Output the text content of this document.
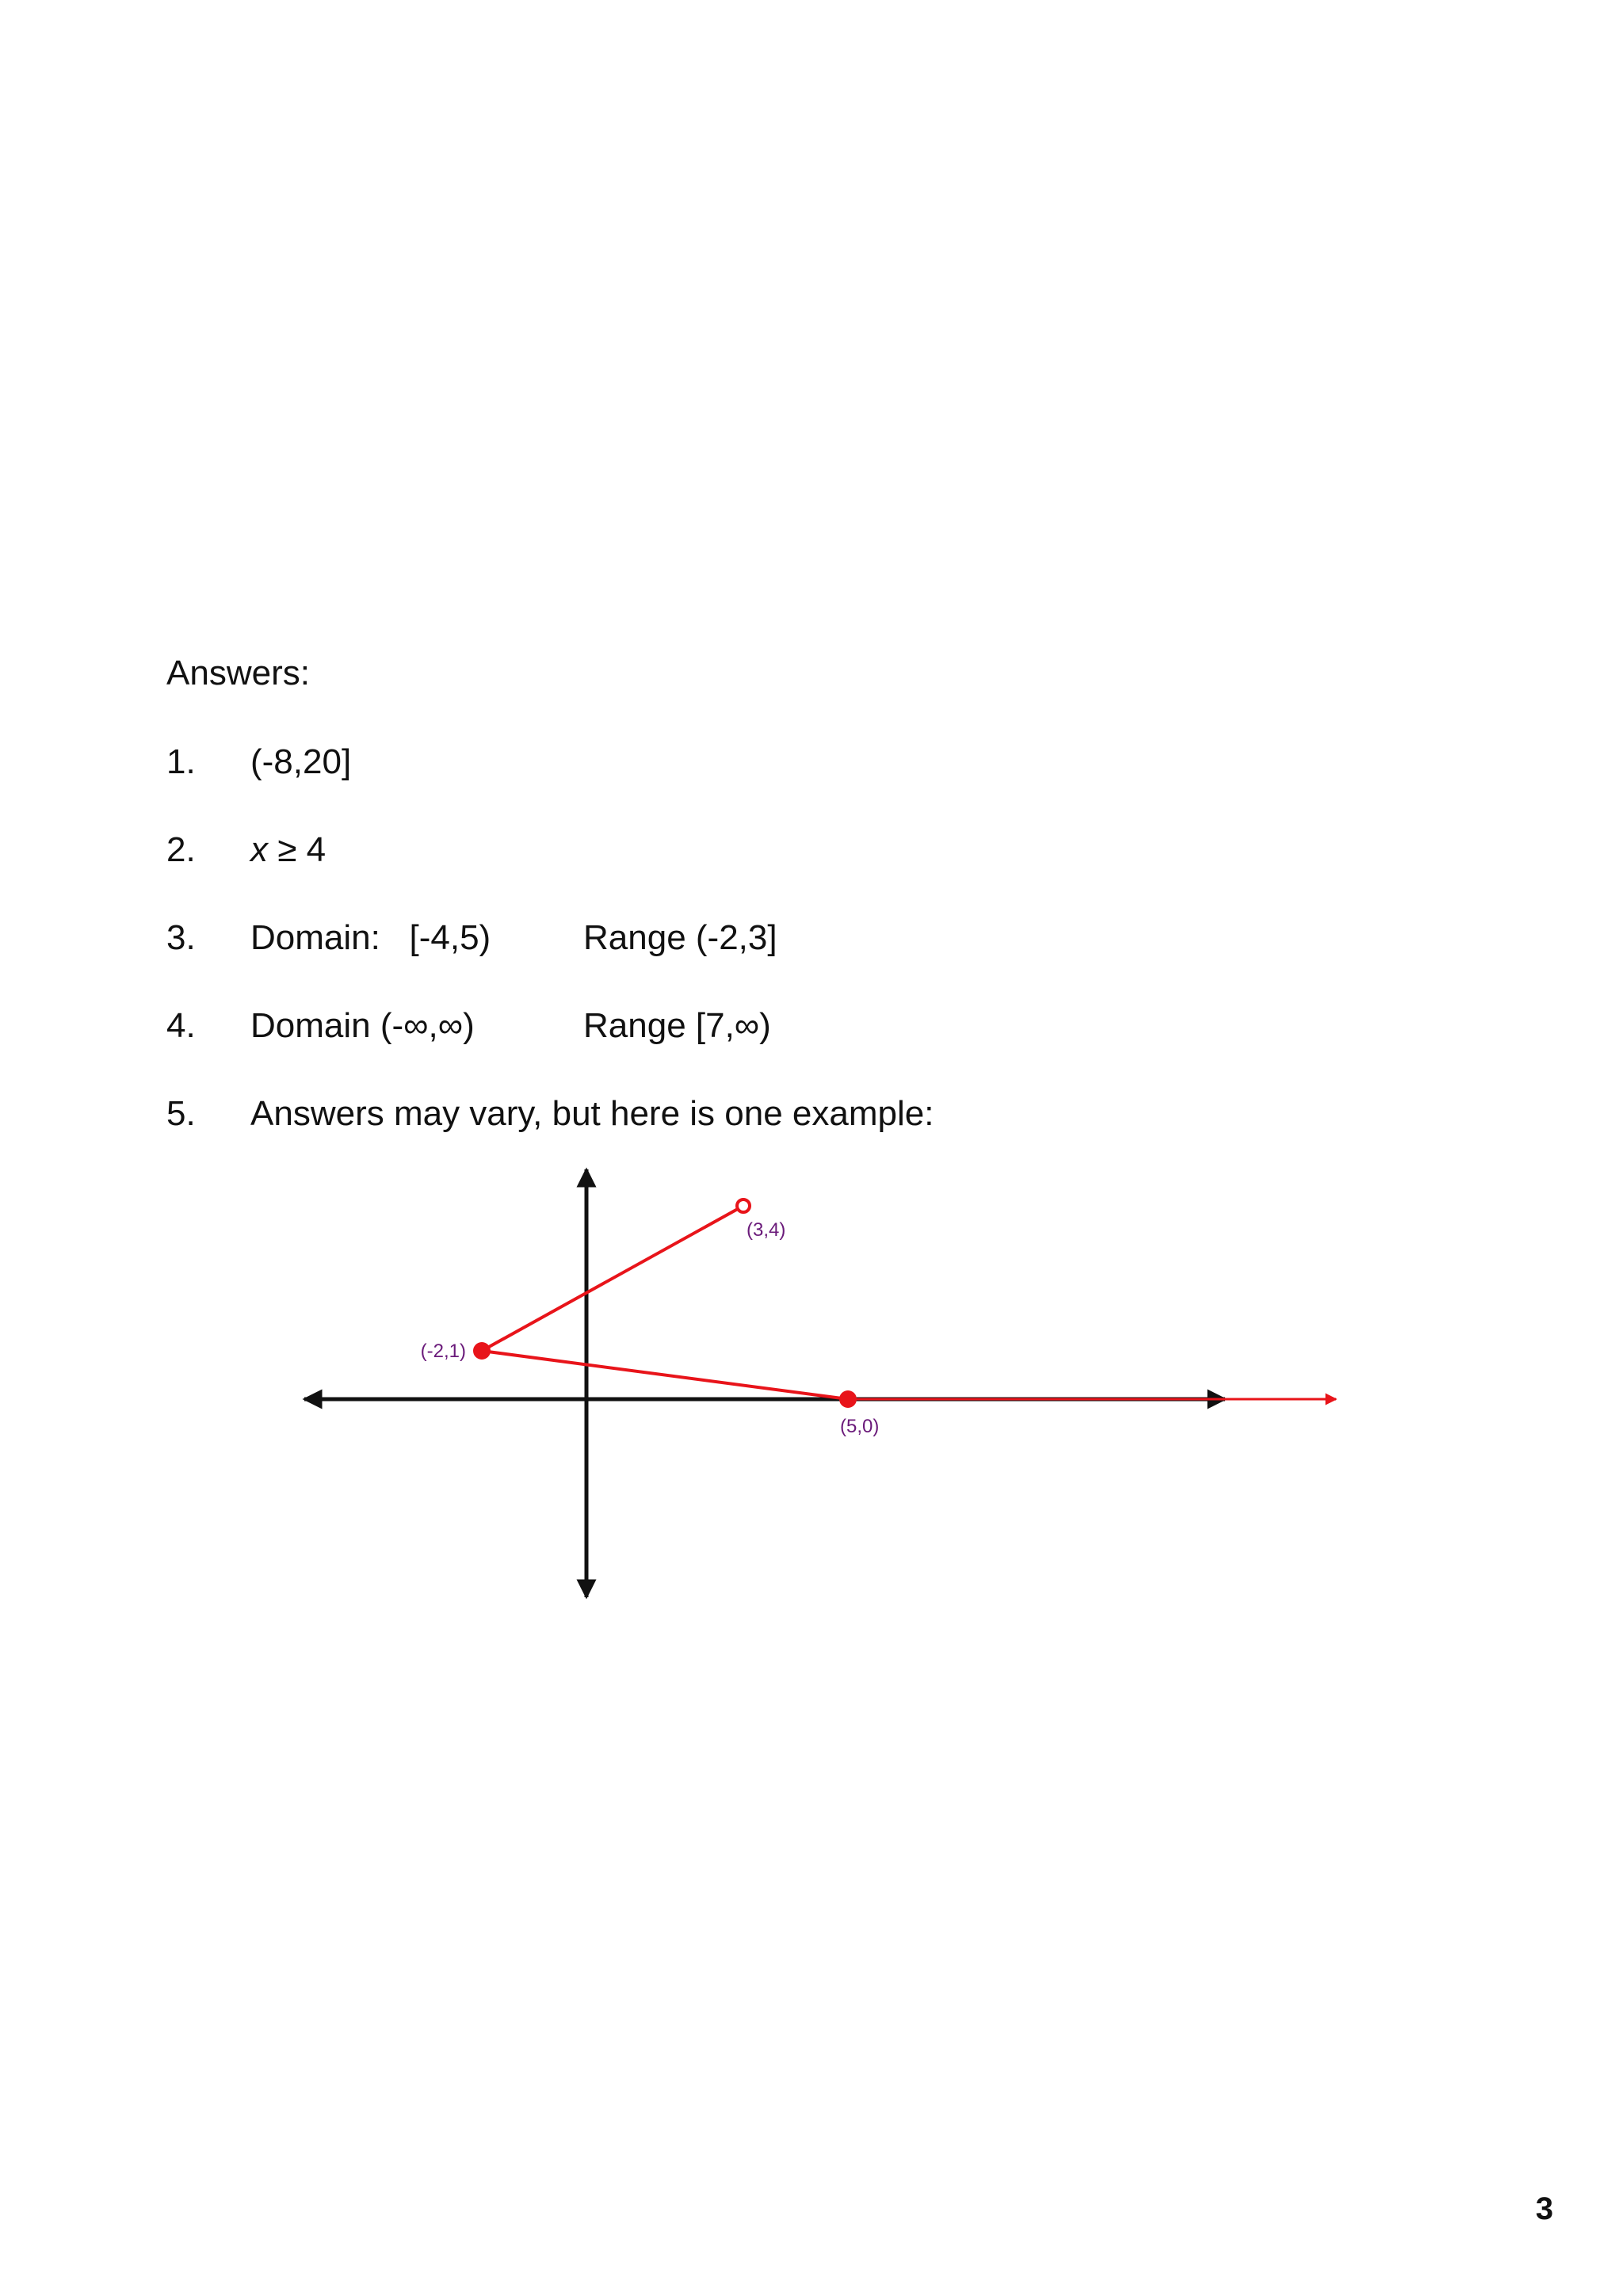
Answers:
1. (-8,20]
2. x ≥ 4
3. Domain:   [-4,5)	Range (-2,3]
4. Domain (-∞,∞)	Range [7,∞)
5. Answers may vary, but here is one example:
(3,4)
(-2,1)
(5,0)
3
